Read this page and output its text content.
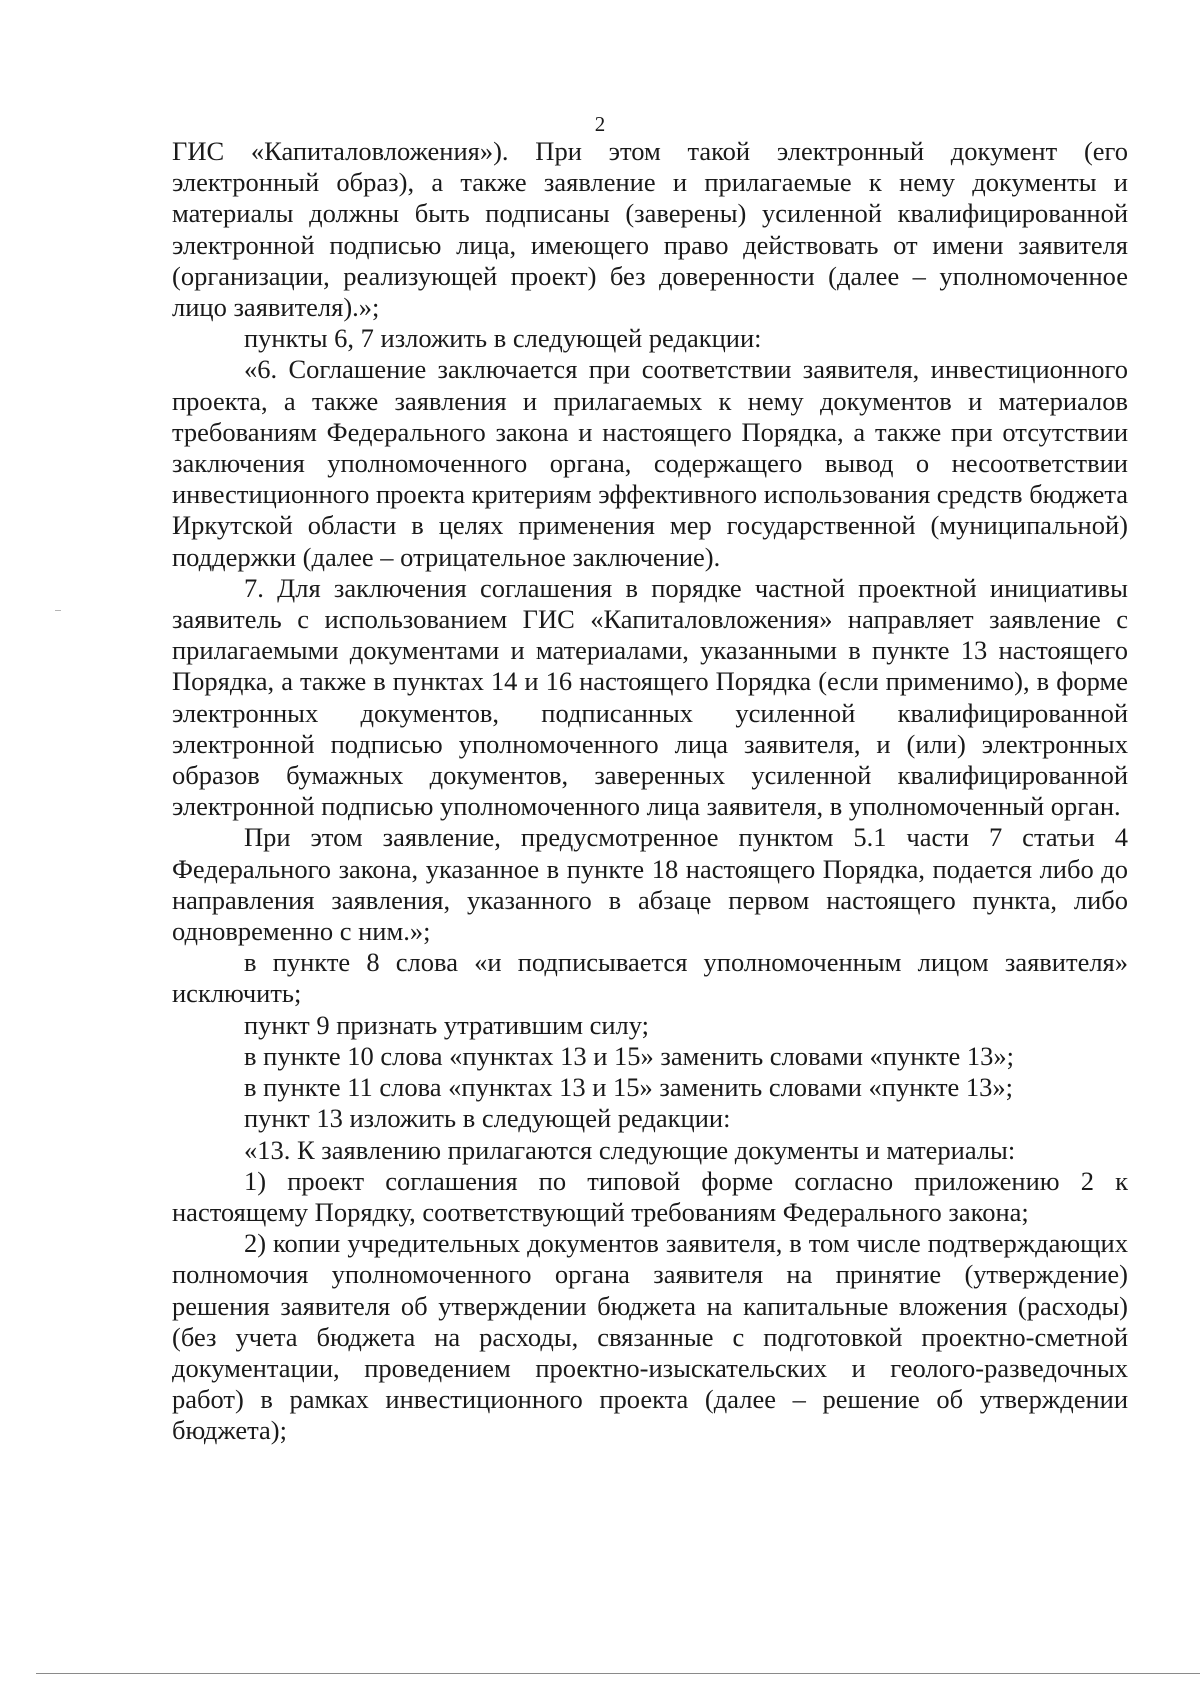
2

ГИС «Капиталовложения»). При этом такой электронный документ (его электронный образ), а также заявление и прилагаемые к нему документы и материалы должны быть подписаны (заверены) усиленной квалифицированной электронной подписью лица, имеющего право действовать от имени заявителя (организации, реализующей проект) без доверенности (далее – уполномоченное лицо заявителя).»;

пункты 6, 7 изложить в следующей редакции:

«6. Соглашение заключается при соответствии заявителя, инвестиционного проекта, а также заявления и прилагаемых к нему документов и материалов требованиям Федерального закона и настоящего Порядка, а также при отсутствии заключения уполномоченного органа, содержащего вывод о несоответствии инвестиционного проекта критериям эффективного использования средств бюджета Иркутской области в целях применения мер государственной (муниципальной) поддержки (далее – отрицательное заключение).

7. Для заключения соглашения в порядке частной проектной инициативы заявитель с использованием ГИС «Капиталовложения» направляет заявление с прилагаемыми документами и материалами, указанными в пункте 13 настоящего Порядка, а также в пунктах 14 и 16 настоящего Порядка (если применимо), в форме электронных документов, подписанных усиленной квалифицированной электронной подписью уполномоченного лица заявителя, и (или) электронных образов бумажных документов, заверенных усиленной квалифицированной электронной подписью уполномоченного лица заявителя, в уполномоченный орган.

При этом заявление, предусмотренное пунктом 5.1 части 7 статьи 4 Федерального закона, указанное в пункте 18 настоящего Порядка, подается либо до направления заявления, указанного в абзаце первом настоящего пункта, либо одновременно с ним.»;

в пункте 8 слова «и подписывается уполномоченным лицом заявителя» исключить;

пункт 9 признать утратившим силу;

в пункте 10 слова «пунктах 13 и 15» заменить словами «пункте 13»;

в пункте 11 слова «пунктах 13 и 15» заменить словами «пункте 13»;

пункт 13 изложить в следующей редакции:

«13. К заявлению прилагаются следующие документы и материалы:

1) проект соглашения по типовой форме согласно приложению 2 к настоящему Порядку, соответствующий требованиям Федерального закона;

2) копии учредительных документов заявителя, в том числе подтверждающих полномочия уполномоченного органа заявителя на принятие (утверждение) решения заявителя об утверждении бюджета на капитальные вложения (расходы) (без учета бюджета на расходы, связанные с подготовкой проектно-сметной документации, проведением проектно-изыскательских и геолого-разведочных работ) в рамках инвестиционного проекта (далее – решение об утверждении бюджета);
